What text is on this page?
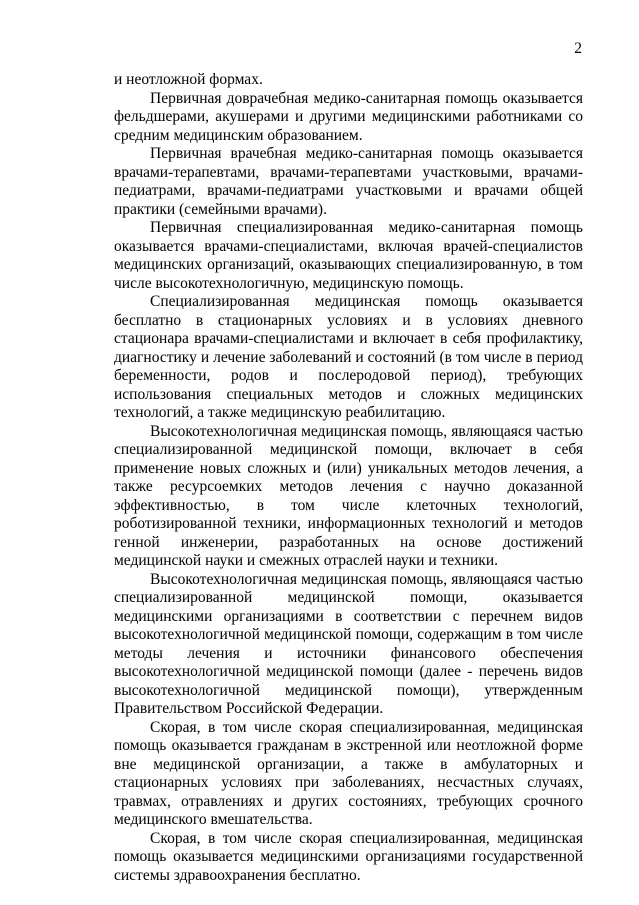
2

и неотложной формах.

Первичная доврачебная медико-санитарная помощь оказывается фельдшерами, акушерами и другими медицинскими работниками со средним медицинским образованием.

Первичная врачебная медико-санитарная помощь оказывается врачами-терапевтами, врачами-терапевтами участковыми, врачами-педиатрами, врачами-педиатрами участковыми и врачами общей практики (семейными врачами).

Первичная специализированная медико-санитарная помощь оказывается врачами-специалистами, включая врачей-специалистов медицинских организаций, оказывающих специализированную, в том числе высокотехнологичную, медицинскую помощь.

Специализированная медицинская помощь оказывается бесплатно в стационарных условиях и в условиях дневного стационара врачами-специалистами и включает в себя профилактику, диагностику и лечение заболеваний и состояний (в том числе в период беременности, родов и послеродовой период), требующих использования специальных методов и сложных медицинских технологий, а также медицинскую реабилитацию.

Высокотехнологичная медицинская помощь, являющаяся частью специализированной медицинской помощи, включает в себя применение новых сложных и (или) уникальных методов лечения, а также ресурсоемких методов лечения с научно доказанной эффективностью, в том числе клеточных технологий, роботизированной техники, информационных технологий и методов генной инженерии, разработанных на основе достижений медицинской науки и смежных отраслей науки и техники.

Высокотехнологичная медицинская помощь, являющаяся частью специализированной медицинской помощи, оказывается медицинскими организациями в соответствии с перечнем видов высокотехнологичной медицинской помощи, содержащим в том числе методы лечения и источники финансового обеспечения высокотехнологичной медицинской помощи (далее - перечень видов высокотехнологичной медицинской помощи), утвержденным Правительством Российской Федерации.

Скорая, в том числе скорая специализированная, медицинская помощь оказывается гражданам в экстренной или неотложной форме вне медицинской организации, а также в амбулаторных и стационарных условиях при заболеваниях, несчастных случаях, травмах, отравлениях и других состояниях, требующих срочного медицинского вмешательства.

Скорая, в том числе скорая специализированная, медицинская помощь оказывается медицинскими организациями государственной системы здравоохранения бесплатно.
